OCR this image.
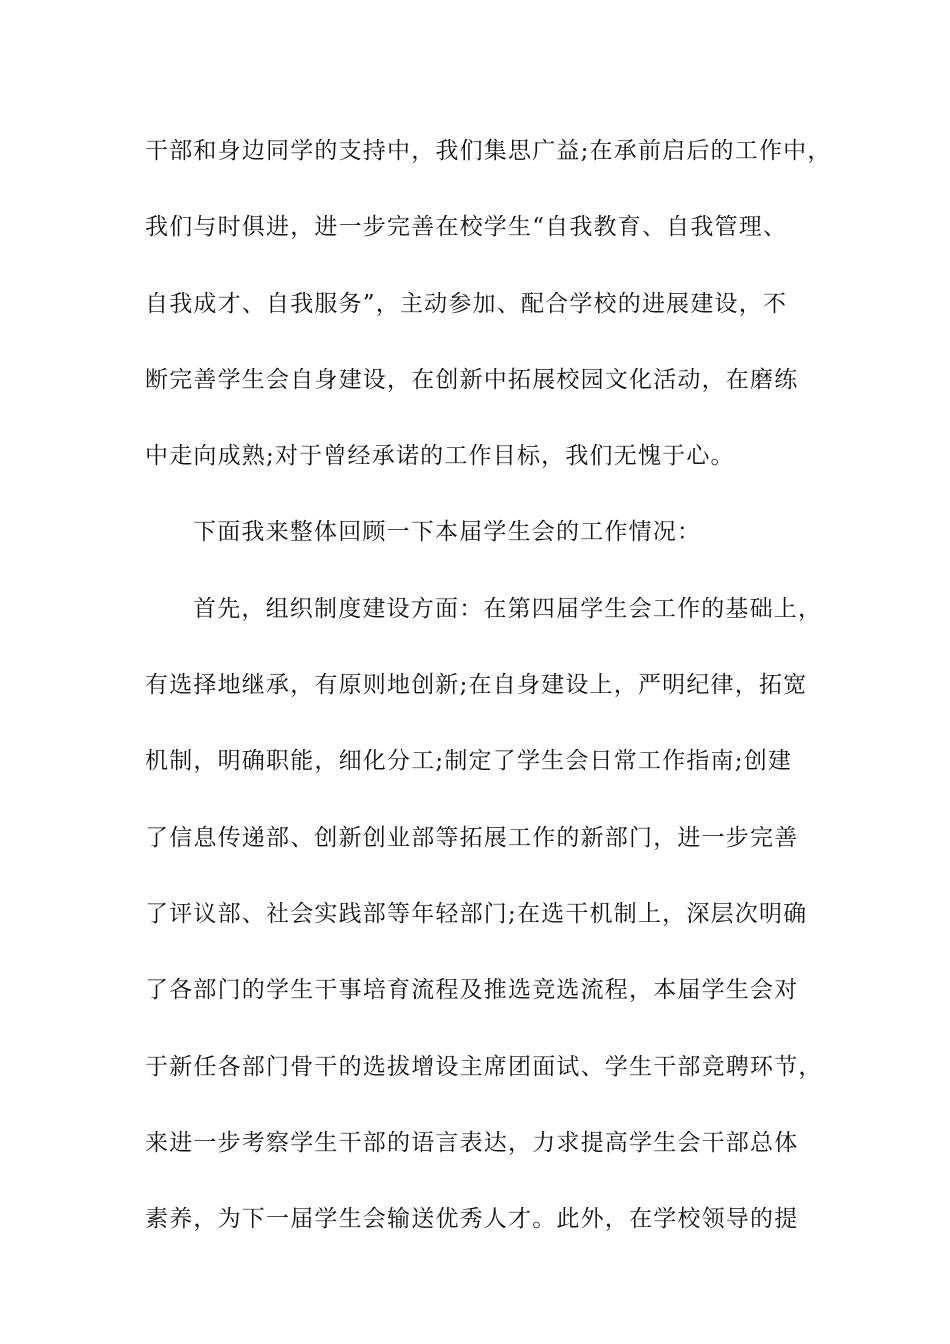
干部和身边同学的支持中，我们集思广益;在承前启后的工作中，
我们与时俱进，进一步完善在校学生“自我教育、自我管理、
自我成才、自我服务”，主动参加、配合学校的进展建设，不
断完善学生会自身建设，在创新中拓展校园文化活动，在磨练
中走向成熟;对于曾经承诺的工作目标，我们无愧于心。
下面我来整体回顾一下本届学生会的工作情况：
首先，组织制度建设方面：在第四届学生会工作的基础上，
有选择地继承，有原则地创新;在自身建设上，严明纪律，拓宽
机制，明确职能，细化分工;制定了学生会日常工作指南;创建
了信息传递部、创新创业部等拓展工作的新部门，进一步完善
了评议部、社会实践部等年轻部门;在选干机制上，深层次明确
了各部门的学生干事培育流程及推选竞选流程，本届学生会对
于新任各部门骨干的选拔增设主席团面试、学生干部竞聘环节，
来进一步考察学生干部的语言表达，力求提高学生会干部总体
素养，为下一届学生会输送优秀人才。此外，在学校领导的提
